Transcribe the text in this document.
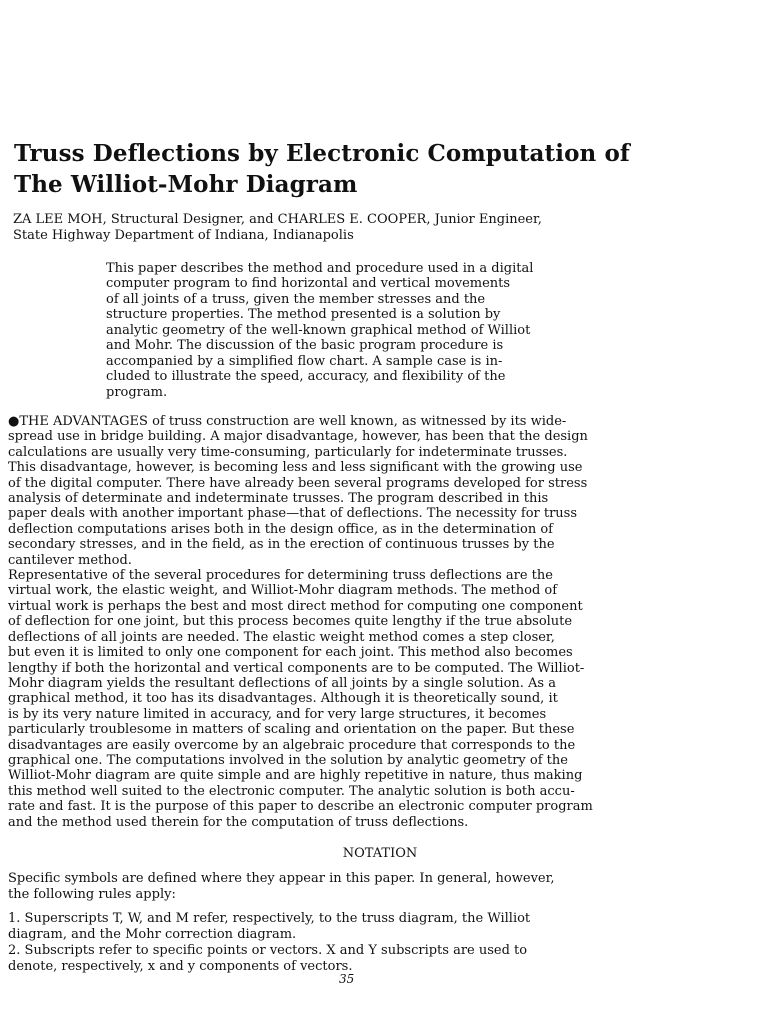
Truss Deflections by Electronic Computation of
The Williot-Mohr Diagram
ZA LEE MOH, Structural Designer, and CHARLES E. COOPER, Junior Engineer,
State Highway Department of Indiana, Indianapolis
This paper describes the method and procedure used in a digital
computer program to find horizontal and vertical movements
of all joints of a truss, given the member stresses and the
structure properties. The method presented is a solution by
analytic geometry of the well-known graphical method of Williot
and Mohr. The discussion of the basic program procedure is
accompanied by a simplified flow chart. A sample case is in-
cluded to illustrate the speed, accuracy, and flexibility of the
program.
●THE ADVANTAGES of truss construction are well known, as witnessed by its wide-
spread use in bridge building. A major disadvantage, however, has been that the design
calculations are usually very time-consuming, particularly for indeterminate trusses.
This disadvantage, however, is becoming less and less significant with the growing use
of the digital computer. There have already been several programs developed for stress
analysis of determinate and indeterminate trusses. The program described in this
paper deals with another important phase—that of deflections. The necessity for truss
deflection computations arises both in the design office, as in the determination of
secondary stresses, and in the field, as in the erection of continuous trusses by the
cantilever method.
Representative of the several procedures for determining truss deflections are the
virtual work, the elastic weight, and Williot-Mohr diagram methods. The method of
virtual work is perhaps the best and most direct method for computing one component
of deflection for one joint, but this process becomes quite lengthy if the true absolute
deflections of all joints are needed. The elastic weight method comes a step closer,
but even it is limited to only one component for each joint. This method also becomes
lengthy if both the horizontal and vertical components are to be computed. The Williot-
Mohr diagram yields the resultant deflections of all joints by a single solution. As a
graphical method, it too has its disadvantages. Although it is theoretically sound, it
is by its very nature limited in accuracy, and for very large structures, it becomes
particularly troublesome in matters of scaling and orientation on the paper. But these
disadvantages are easily overcome by an algebraic procedure that corresponds to the
graphical one. The computations involved in the solution by analytic geometry of the
Williot-Mohr diagram are quite simple and are highly repetitive in nature, thus making
this method well suited to the electronic computer. The analytic solution is both accu-
rate and fast. It is the purpose of this paper to describe an electronic computer program
and the method used therein for the computation of truss deflections.
NOTATION
Specific symbols are defined where they appear in this paper. In general, however,
the following rules apply:
1. Superscripts T, W, and M refer, respectively, to the truss diagram, the Williot
diagram, and the Mohr correction diagram.
2. Subscripts refer to specific points or vectors. X and Y subscripts are used to
denote, respectively, x and y components of vectors.
35
